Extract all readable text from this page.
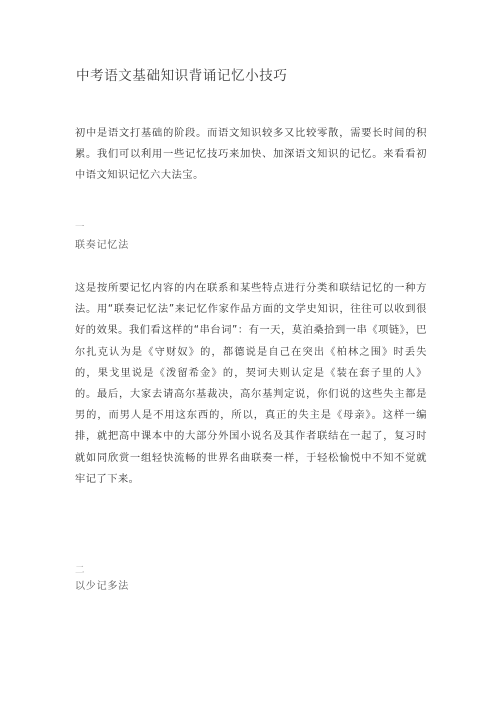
中考语文基础知识背诵记忆小技巧

初中是语文打基础的阶段。而语文知识较多又比较零散，需要长时间的积累。我们可以利用一些记忆技巧来加快、加深语文知识的记忆。来看看初中语文知识记忆六大法宝。

一
联奏记忆法

这是按所要记忆内容的内在联系和某些特点进行分类和联结记忆的一种方法。用“联奏记忆法”来记忆作家作品方面的文学史知识，往往可以收到很好的效果。我们看这样的“串台词”：有一天，莫泊桑拾到一串《项链》，巴尔扎克认为是《守财奴》的，都德说是自己在突出《柏林之围》时丢失的，果戈里说是《泼留希金》的，契诃夫则认定是《装在套子里的人》的。最后，大家去请高尔基裁决，高尔基判定说，你们说的这些失主都是男的，而男人是不用这东西的，所以，真正的失主是《母亲》。这样一编排，就把高中课本中的大部分外国小说名及其作者联结在一起了，复习时就如同欣赏一组轻快流畅的世界名曲联奏一样，于轻松愉悦中不知不觉就牢记了下来。

二
以少记多法
